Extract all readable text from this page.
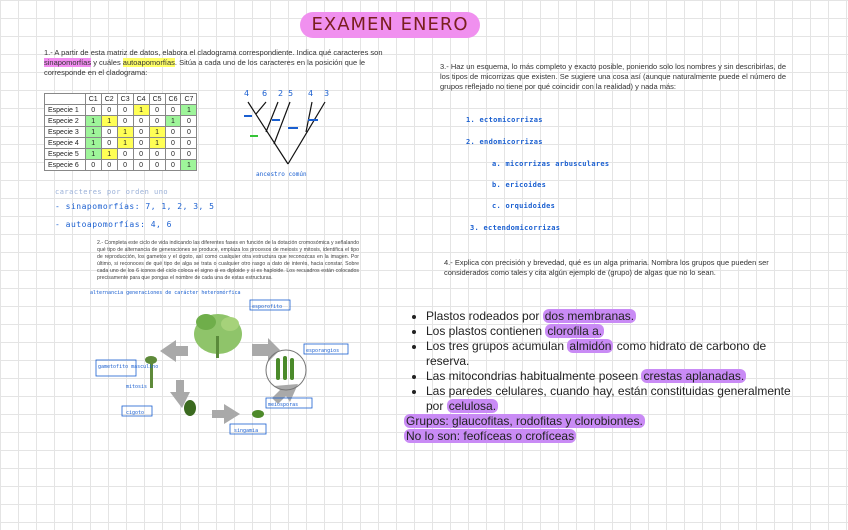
EXAMEN ENERO
1.- A partir de esta matriz de datos, elabora el cladograma correspondiente. Indica qué caracteres son sinapomorfías y cuáles autoapomorfías. Sitúa a cada uno de los caracteres en la posición que le corresponde en el cladograma:
	C1	C2	C3	C4	C5	C6	C7
Especie 1	0	0	0	1	0	0	1
Especie 2	1	1	0	0	0	1	0
Especie 3	1	0	1	0	1	0	0
Especie 4	1	0	1	0	1	0	0
Especie 5	1	1	0	0	0	0	0
Especie 6	0	0	0	0	0	0	1
4 6 2 5 4 3
ancestro común
caracteres por orden uno
- sinapomorfías: 7, 1, 2, 3, 5
- autoapomorfías: 4, 6
2.- Completa este ciclo de vida indicando las diferentes fases en función de la dotación cromosómica y señalando qué tipo de alternancia de generaciones se produce, emplaza los procesos de meiosis y mitosis, identifica el tipo de reproducción, los gametos y el cigoto, así como cualquier otra estructura que reconozcas en la imagen. Por último, si reconoces de qué tipo de alga se trata o cualquier otro rasgo a dato de interés, hacia constar. Sobre cada uno de los 6 iconos del ciclo coloca el signo si es diploide y si es haploide. Los recuadros están colocados precisamente para que pongas el nombre de cada una de estas estructuras.
alternancia generaciones de carácter heteromórfica
esporofito
esporangios
gametofito masculino
mitosis
cigoto
singamia
meiosporas
3.- Haz un esquema, lo más completo y exacto posible, poniendo solo los nombres y sin describirlas, de los tipos de micorrizas que existen. Se sugiere una cosa así (aunque naturalmente puede el número de grupos reflejado no tiene por qué coincidir con la realidad) y nada más:
1. ectomicorrizas
2. endomicorrizas
a. micorrizas arbusculares
b. ericoides
c. orquidoides
3. ectendomicorrizas
4.- Explica con precisión y brevedad, qué es un alga primaria. Nombra los grupos que pueden ser considerados como tales y cita algún ejemplo de (grupo) de algas que no lo sean.
• Plastos rodeados por dos membranas.
• Los plastos contienen clorofila a.
• Los tres grupos acumulan almidón como hidrato de carbono de reserva.
• Las mitocondrias habitualmente poseen crestas aplanadas.
• Las paredes celulares, cuando hay, están constituidas generalmente por celulosa.
Grupos: glaucofitas, rodofitas y clorobiontes.
No lo son: feofíceas o crofíceas
